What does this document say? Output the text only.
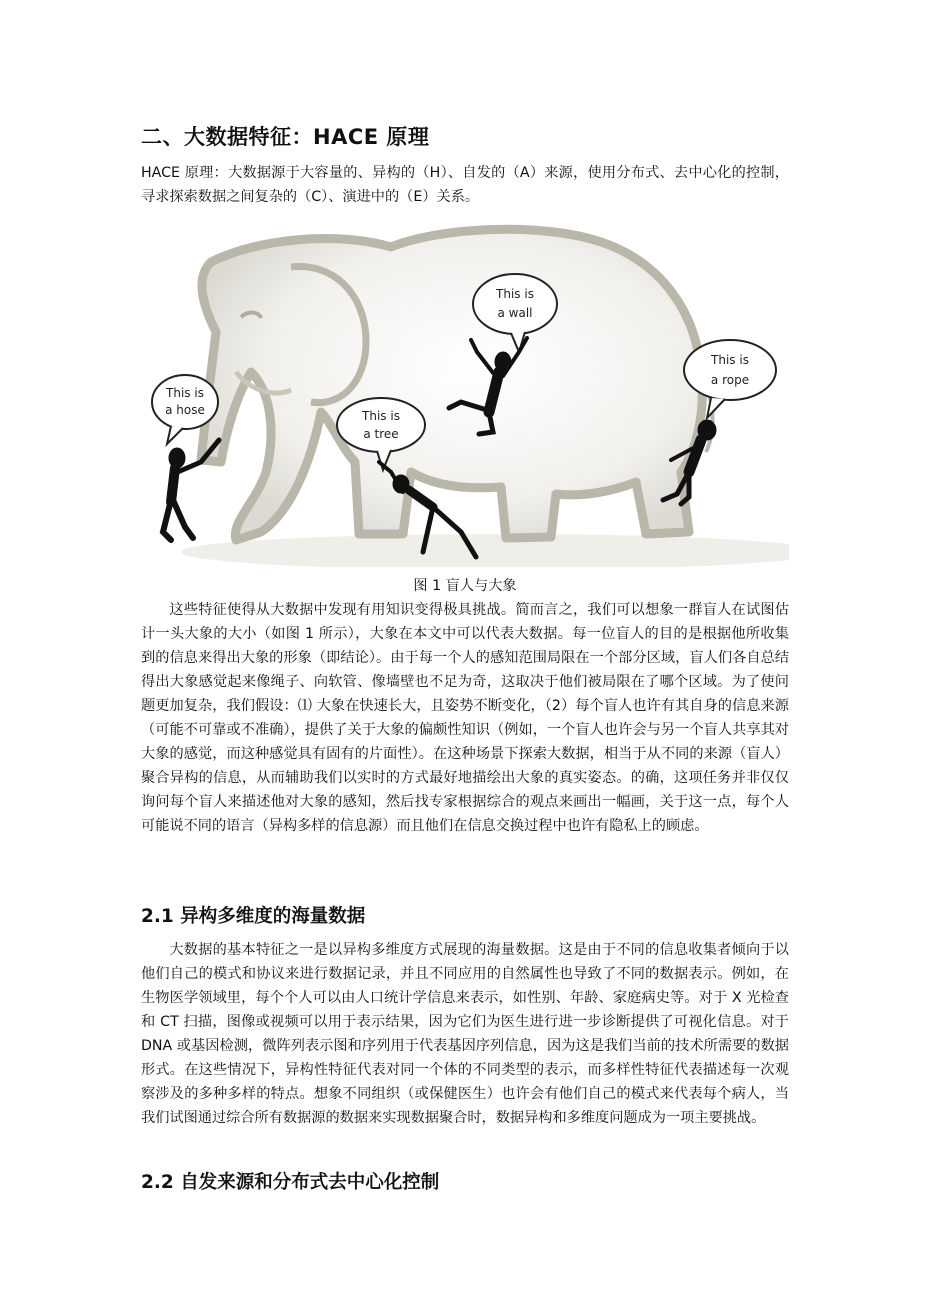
二、大数据特征：HACE 原理

HACE 原理：大数据源于大容量的、异构的（H）、自发的（A）来源，使用分布式、去中心化的控制，寻求探索数据之间复杂的（C）、演进中的（E）关系。

This is
a hose	This is
a tree
This is
a wall
This is
a rope
图 1 盲人与大象

这些特征使得从大数据中发现有用知识变得极具挑战。简而言之，我们可以想象一群盲人在试图估计一头大象的大小（如图 1 所示），大象在本文中可以代表大数据。每一位盲人的目的是根据他所收集到的信息来得出大象的形象（即结论）。由于每一个人的感知范围局限在一个部分区域，盲人们各自总结得出大象感觉起来像绳子、向软管、像墙壁也不足为奇，这取决于他们被局限在了哪个区域。为了使问题更加复杂，我们假设：⑴ 大象在快速长大，且姿势不断变化，（2）每个盲人也许有其自身的信息来源（可能不可靠或不准确），提供了关于大象的偏颇性知识（例如，一个盲人也许会与另一个盲人共享其对大象的感觉，而这种感觉具有固有的片面性）。在这种场景下探索大数据，相当于从不同的来源（盲人）聚合异构的信息，从而辅助我们以实时的方式最好地描绘出大象的真实姿态。的确，这项任务并非仅仅询问每个盲人来描述他对大象的感知，然后找专家根据综合的观点来画出一幅画，关于这一点，每个人可能说不同的语言（异构多样的信息源）而且他们在信息交换过程中也许有隐私上的顾虑。

2.1 异构多维度的海量数据

大数据的基本特征之一是以异构多维度方式展现的海量数据。这是由于不同的信息收集者倾向于以他们自己的模式和协议来进行数据记录，并且不同应用的自然属性也导致了不同的数据表示。例如，在生物医学领域里，每个个人可以由人口统计学信息来表示，如性别、年龄、家庭病史等。对于 X 光检查和 CT 扫描，图像或视频可以用于表示结果，因为它们为医生进行进一步诊断提供了可视化信息。对于 DNA 或基因检测，微阵列表示图和序列用于代表基因序列信息，因为这是我们当前的技术所需要的数据形式。在这些情况下，异构性特征代表对同一个体的不同类型的表示，而多样性特征代表描述每一次观察涉及的多种多样的特点。想象不同组织（或保健医生）也许会有他们自己的模式来代表每个病人，当我们试图通过综合所有数据源的数据来实现数据聚合时，数据异构和多维度问题成为一项主要挑战。

2.2 自发来源和分布式去中心化控制
